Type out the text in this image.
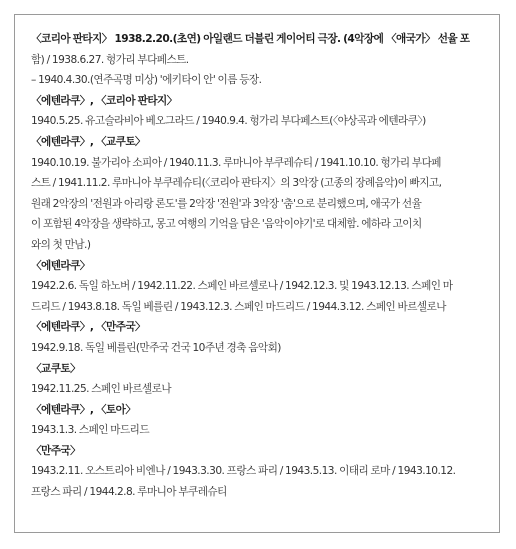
〈코리아 판타지〉 1938.2.20.(초연) 아일랜드 더블린 게이어티 극장. (4악장에 〈애국가〉 선율 포
함) / 1938.6.27. 헝가리 부다페스트.
– 1940.4.30.(연주곡명 미상) '에키타이 안' 이름 등장.
〈에텐라쿠〉, 〈코리아 판타지〉
1940.5.25. 유고슬라비아 베오그라드 / 1940.9.4. 헝가리 부다페스트(〈야상곡과 에텐라쿠〉)
〈에텐라쿠〉, 〈교쿠토〉
1940.10.19. 불가리아 소피아 / 1940.11.3. 루마니아 부쿠레슈티 / 1941.10.10. 헝가리 부다페
스트 / 1941.11.2. 루마니아 부쿠레슈티(〈코리아 판타지〉의 3악장 (고종의 장례음악)이 빠지고,
원래 2악장의 '전원과 아리랑 론도'를 2악장 '전원'과 3악장 '춤'으로 분리했으며, 애국가 선율
이 포함된 4악장을 생략하고, 몽고 여행의 기억을 담은 '음악이야기'로 대체함. 에하라 고이치
와의 첫 만남.)
〈에텐라쿠〉
1942.2.6. 독일 하노버 / 1942.11.22. 스페인 바르셀로나 / 1942.12.3. 및 1943.12.13. 스페인 마
드리드 / 1943.8.18. 독일 베를린 / 1943.12.3. 스페인 마드리드 / 1944.3.12. 스페인 바르셀로나
〈에텐라쿠〉, 〈만주국〉
1942.9.18. 독일 베를린(만주국 건국 10주년 경축 음악회)
〈교쿠토〉
1942.11.25. 스페인 바르셀로나
〈에텐라쿠〉, 〈토아〉
1943.1.3. 스페인 마드리드
〈만주국〉
1943.2.11. 오스트리아 비엔나 / 1943.3.30. 프랑스 파리 / 1943.5.13. 이태리 로마 / 1943.10.12.
프랑스 파리 / 1944.2.8. 루마니아 부쿠레슈티
